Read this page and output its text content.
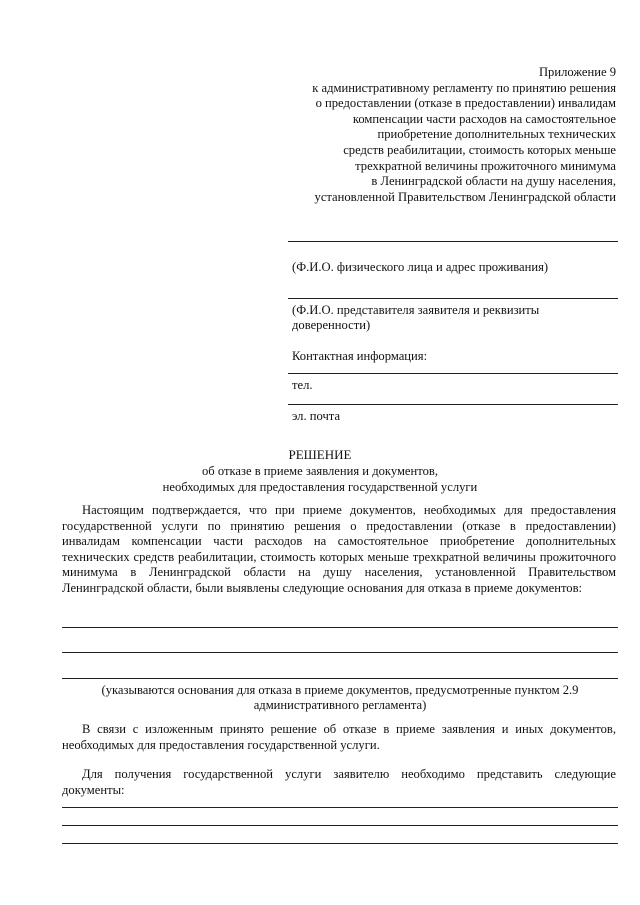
Приложение 9
к административному регламенту по принятию решения
о предоставлении (отказе в предоставлении) инвалидам
компенсации части расходов на самостоятельное
приобретение дополнительных технических
средств реабилитации, стоимость которых меньше
трехкратной величины прожиточного минимума
в Ленинградской области на душу населения,
установленной Правительством Ленинградской области
(Ф.И.О. физического лица и адрес проживания)
(Ф.И.О. представителя заявителя и реквизиты
доверенности)
Контактная информация:
тел.
эл. почта
РЕШЕНИЕ
об отказе в приеме заявления и документов,
необходимых для предоставления государственной услуги
Настоящим подтверждается, что при приеме документов, необходимых для предоставления государственной услуги по принятию решения о предоставлении (отказе в предоставлении) инвалидам компенсации части расходов на самостоятельное приобретение дополнительных технических средств реабилитации, стоимость которых меньше трехкратной величины прожиточного минимума в Ленинградской области на душу населения, установленной Правительством Ленинградской области, были выявлены следующие основания для отказа в приеме документов:
(указываются основания для отказа в приеме документов, предусмотренные пунктом 2.9
административного регламента)
В связи с изложенным принято решение об отказе в приеме заявления и иных документов, необходимых для предоставления государственной услуги.
Для получения государственной услуги заявителю необходимо представить следующие документы:
